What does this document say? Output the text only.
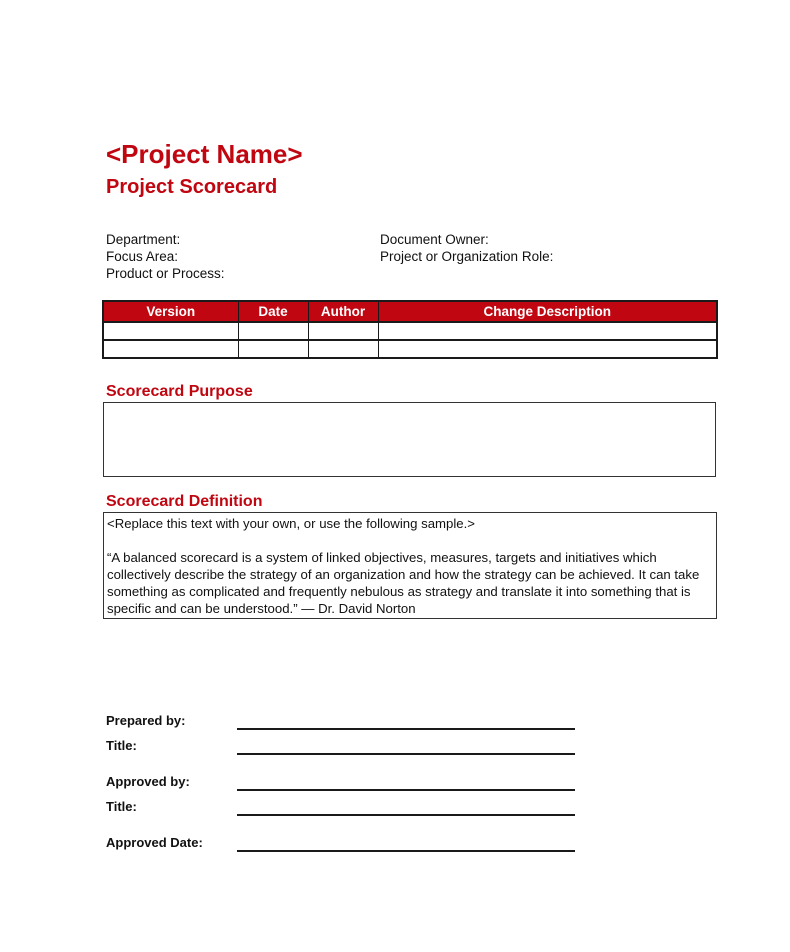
<Project Name>
Project Scorecard
Department:
Focus Area:
Product or Process:
Document Owner:
Project or Organization Role:
Version	Date	Author	Change Description

Scorecard Purpose
Scorecard Definition

<Replace this text with your own, or use the following sample.>

“A balanced scorecard is a system of linked objectives, measures, targets and initiatives which collectively describe the strategy of an organization and how the strategy can be achieved. It can take something as complicated and frequently nebulous as strategy and translate it into something that is specific and can be understood.” — Dr. David Norton

Prepared by:
Title:
Approved by:
Title:
Approved Date:
